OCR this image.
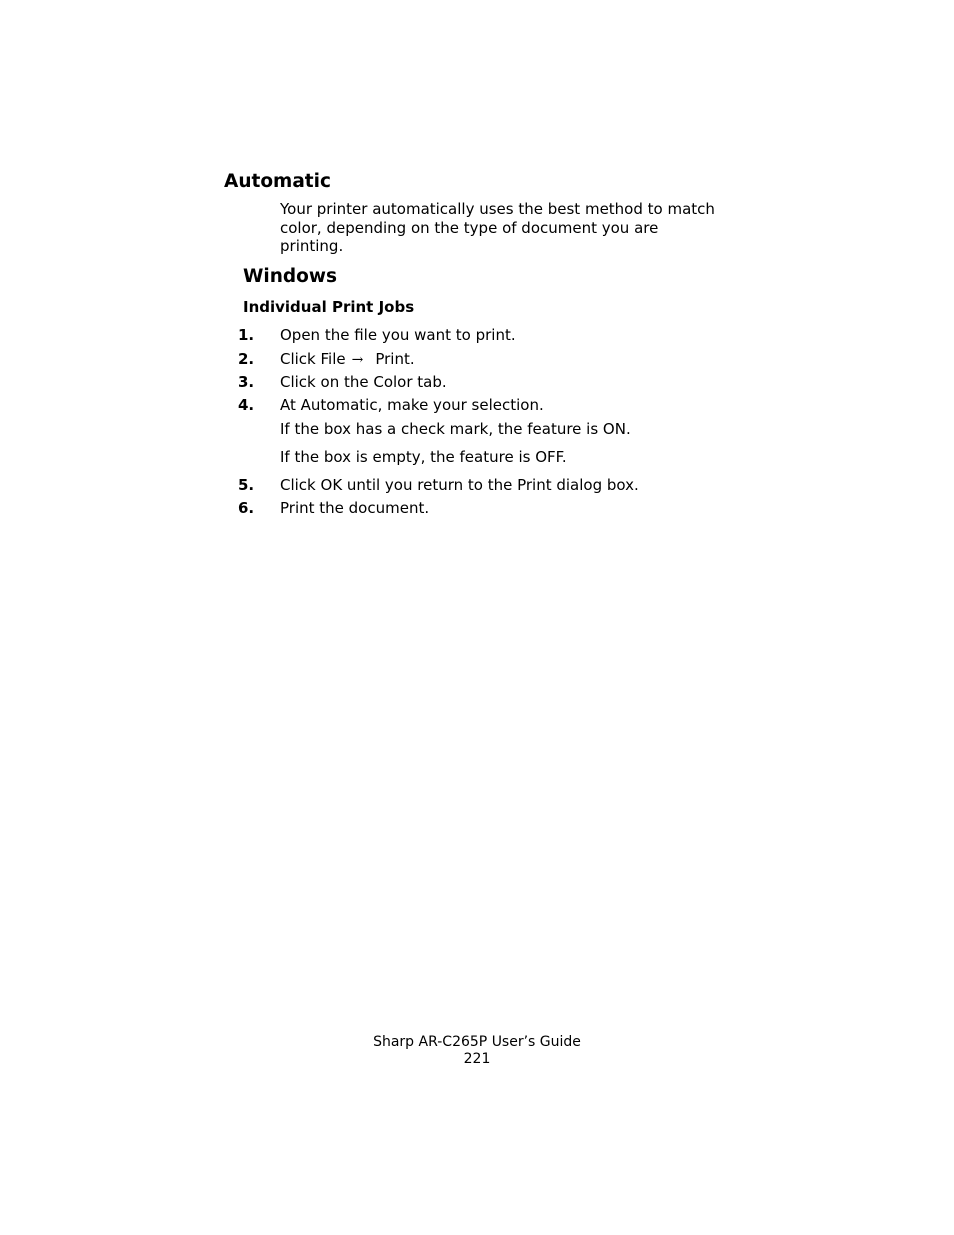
Automatic
Your printer automatically uses the best method to match
color, depending on the type of document you are
printing.
Windows
Individual Print Jobs
1. Open the file you want to print.
2. Click File → Print.
3. Click on the Color tab.
4. At Automatic, make your selection.
If the box has a check mark, the feature is ON.
If the box is empty, the feature is OFF.
5. Click OK until you return to the Print dialog box.
6. Print the document.
Sharp AR-C265P User’s Guide
221
